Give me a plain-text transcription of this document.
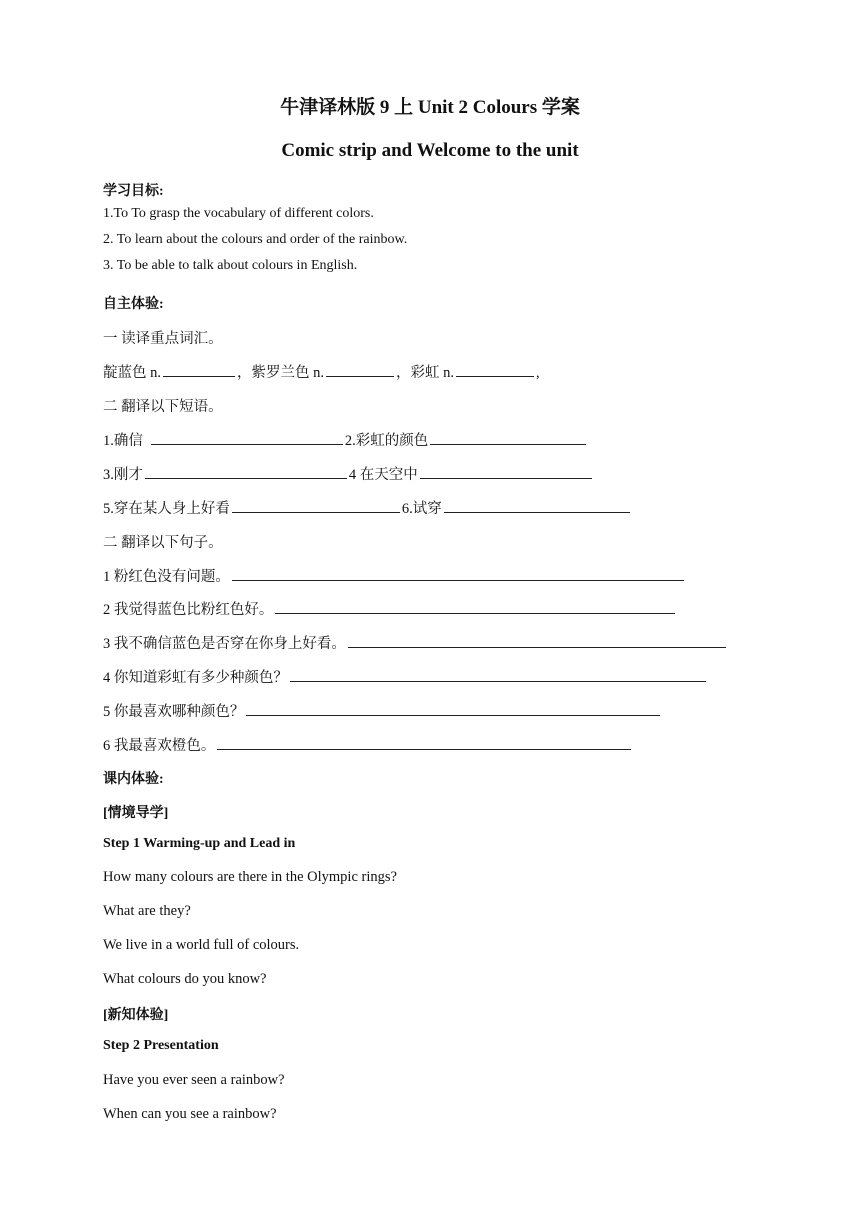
牛津译林版 9 上 Unit 2 Colours 学案
Comic strip and Welcome to the unit
学习目标:
1.To To grasp the vocabulary of different colors.
2. To learn about the colours and order of the rainbow.
3. To be able to talk about colours in English.
自主体验:
一 读译重点词汇。
靛蓝色 n.	，紫罗兰色 n.	，彩虹 n.	,
二 翻译以下短语。
1.确信	2.彩虹的颜色
3.刚才	4 在天空中
5.穿在某人身上好看	6.试穿
二 翻译以下句子。
1 粉红色没有问题。
2 我觉得蓝色比粉红色好。
3 我不确信蓝色是否穿在你身上好看。
4 你知道彩虹有多少种颜色？
5 你最喜欢哪种颜色？
6 我最喜欢橙色。
课内体验:
[情境导学]
Step 1 Warming-up and Lead in
How many colours are there in the Olympic rings?
What are they?
We live in a world full of colours.
What colours do you know?
[新知体验]
Step 2 Presentation
Have you ever seen a rainbow?
When can you see a rainbow?
